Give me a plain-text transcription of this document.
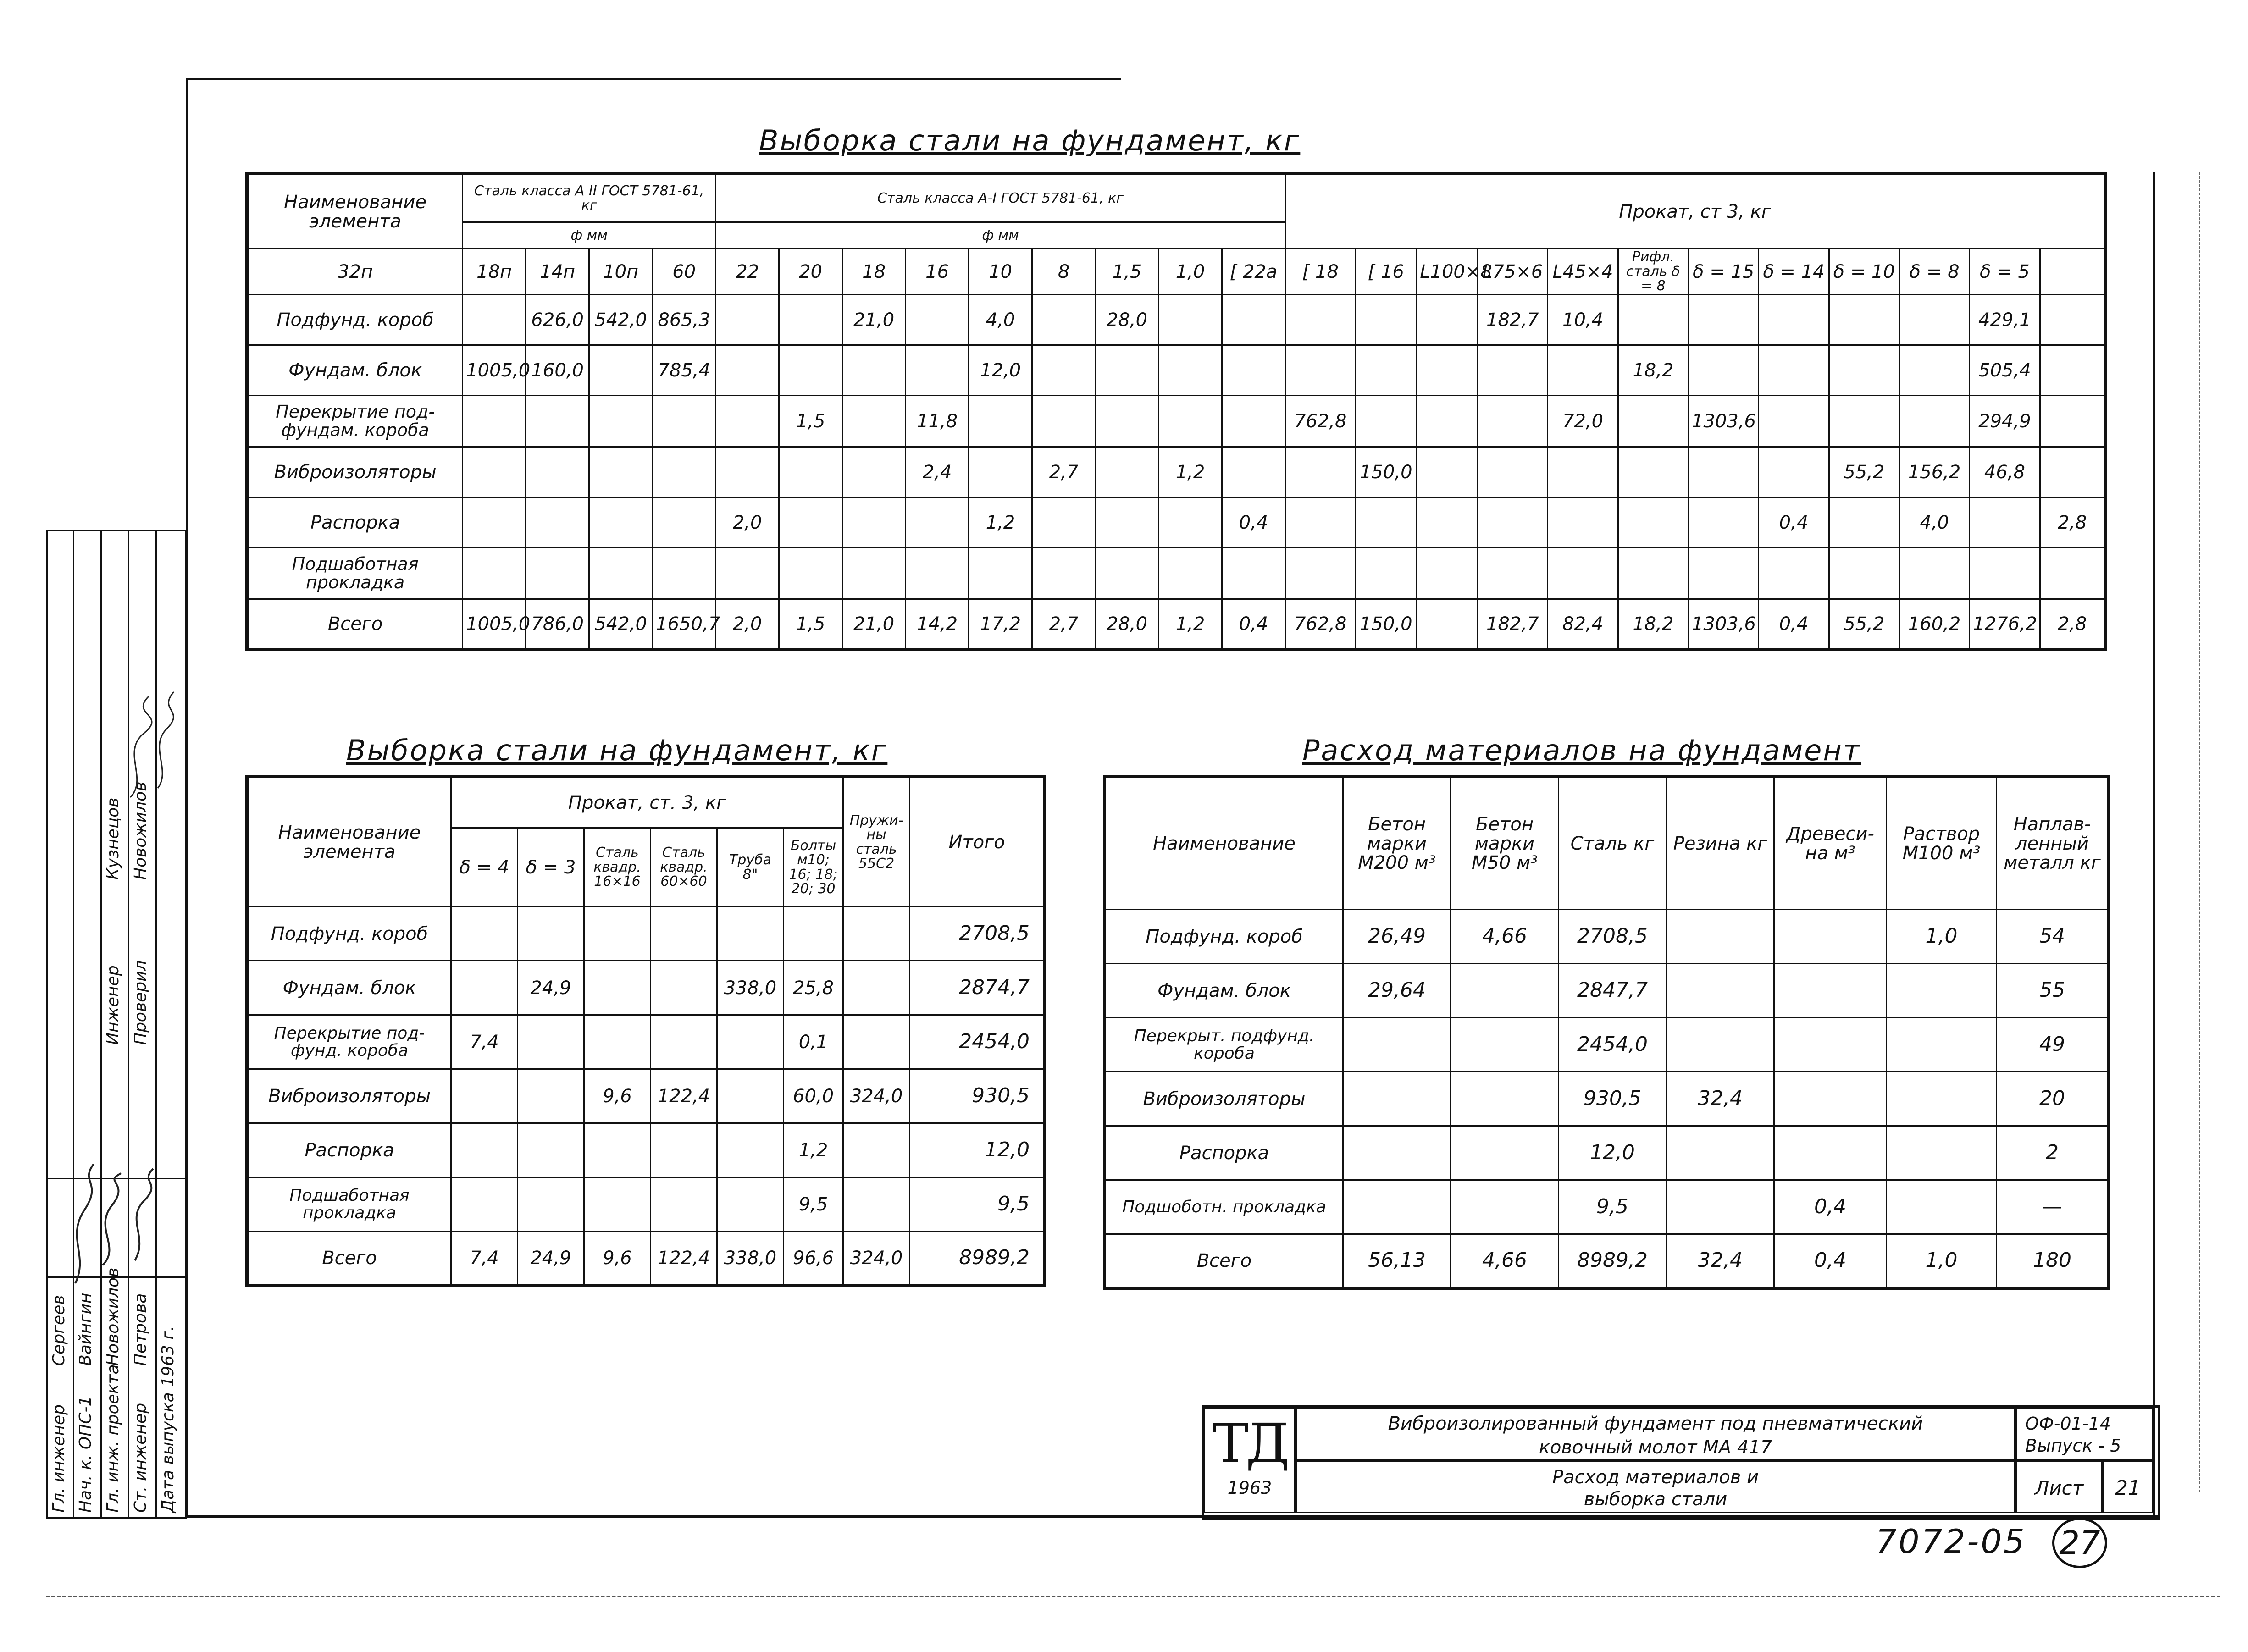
Выборка стали на фундамент, кг
Наименование элемента	Сталь класса А II ГОСТ 5781-61, кг				Сталь класса А-I ГОСТ 5781-61, кг									Прокат, ст 3, кг											
	ф мм				ф мм																				
32п	18п	14п	10п	60	22	20	18	16	10	8	1,5	1,0	[ 22a	[ 18	[ 16	L100×8	L75×6	L45×4	Рифл. сталь δ = 8	δ = 15	δ = 14	δ = 10	δ = 8	δ = 5	
Подфунд. короб		626,0	542,0	865,3			21,0		4,0		28,0						182,7	10,4						429,1	
Фундам. блок	1005,0	160,0		785,4					12,0										18,2					505,4	
Перекрытие под-фундам. короба						1,5		11,8						762,8				72,0		1303,6				294,9	
Виброизоляторы								2,4		2,7		1,2			150,0							55,2	156,2	46,8	
Распорка					2,0				1,2				0,4								0,4		4,0		2,8
Подшаботная прокладка																									
Всего	1005,0	786,0	542,0	1650,7	2,0	1,5	21,0	14,2	17,2	2,7	28,0	1,2	0,4	762,8	150,0		182,7	82,4	18,2	1303,6	0,4	55,2	160,2	1276,2	2,8
Выборка стали на фундамент, кг
Наименование элемента	Прокат, ст. 3, кг						Пружи-ны сталь 55С2	Итого
	δ = 4	δ = 3	Сталь квадр. 16×16	Сталь квадр. 60×60	Труба 8"	Болты м10; 16; 18; 20; 30		
Подфунд. короб								2708,5
Фундам. блок		24,9			338,0	25,8		2874,7
Перекрытие под-фунд. короба	7,4					0,1		2454,0
Виброизоляторы			9,6	122,4		60,0	324,0	930,5
Распорка						1,2		12,0
Подшаботная прокладка						9,5		9,5
Всего	7,4	24,9	9,6	122,4	338,0	96,6	324,0	8989,2
Расход материалов на фундамент
Наименование	Бетон марки М200 м³	Бетон марки М50 м³	Сталь кг	Резина кг	Древеси-на м³	Раствор М100 м³	Наплав-ленный металл кг
Подфунд. короб	26,49	4,66	2708,5			1,0	54
Фундам. блок	29,64		2847,7				55
Перекрыт. подфунд. короба			2454,0				49
Виброизоляторы			930,5	32,4			20
Распорка			12,0				2
Подшоботн. прокладка			9,5		0,4		—
Всего	56,13	4,66	8989,2	32,4	0,4	1,0	180
Гл. инженер Нач. к. ОПС-1 Гл. инж. проекта Ст. инженер Дата выпуска 1963 г.
Сергеев Вайнгин Новожилов Петрова
Инженер Проверил
Кузнецов Новожилов
ТД
1963
Виброизолированный фундамент под пневматический ковочный молот МА 417
ОФ-01-14
Выпуск - 5
Расход материалов и выборка стали	Лист	21
7072-05 27
